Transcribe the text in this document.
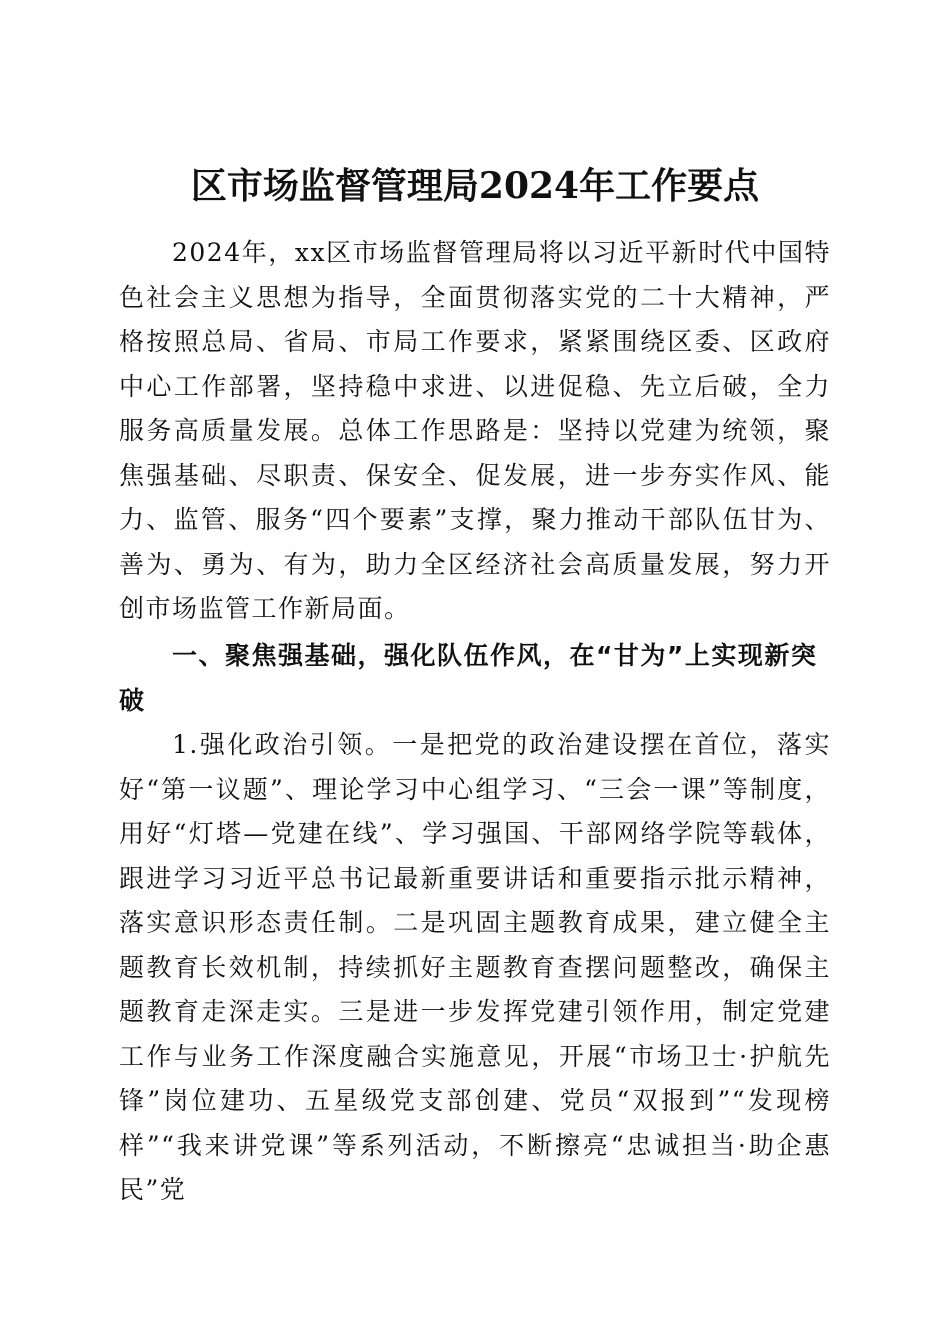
区市场监督管理局2024年工作要点

2024年，xx区市场监督管理局将以习近平新时代中国特色社会主义思想为指导，全面贯彻落实党的二十大精神，严格按照总局、省局、市局工作要求，紧紧围绕区委、区政府中心工作部署，坚持稳中求进、以进促稳、先立后破，全力服务高质量发展。总体工作思路是：坚持以党建为统领，聚焦强基础、尽职责、保安全、促发展，进一步夯实作风、能力、监管、服务“四个要素”支撑，聚力推动干部队伍甘为、善为、勇为、有为，助力全区经济社会高质量发展，努力开创市场监管工作新局面。

一、聚焦强基础，强化队伍作风，在“甘为”上实现新突破

1.强化政治引领。一是把党的政治建设摆在首位，落实好“第一议题”、理论学习中心组学习、“三会一课”等制度，用好“灯塔—党建在线”、学习强国、干部网络学院等载体，跟进学习习近平总书记最新重要讲话和重要指示批示精神，落实意识形态责任制。二是巩固主题教育成果，建立健全主题教育长效机制，持续抓好主题教育查摆问题整改，确保主题教育走深走实。三是进一步发挥党建引领作用，制定党建工作与业务工作深度融合实施意见，开展“市场卫士·护航先锋”岗位建功、五星级党支部创建、党员“双报到”“发现榜样”“我来讲党课”等系列活动，不断擦亮“忠诚担当·助企惠民”党
